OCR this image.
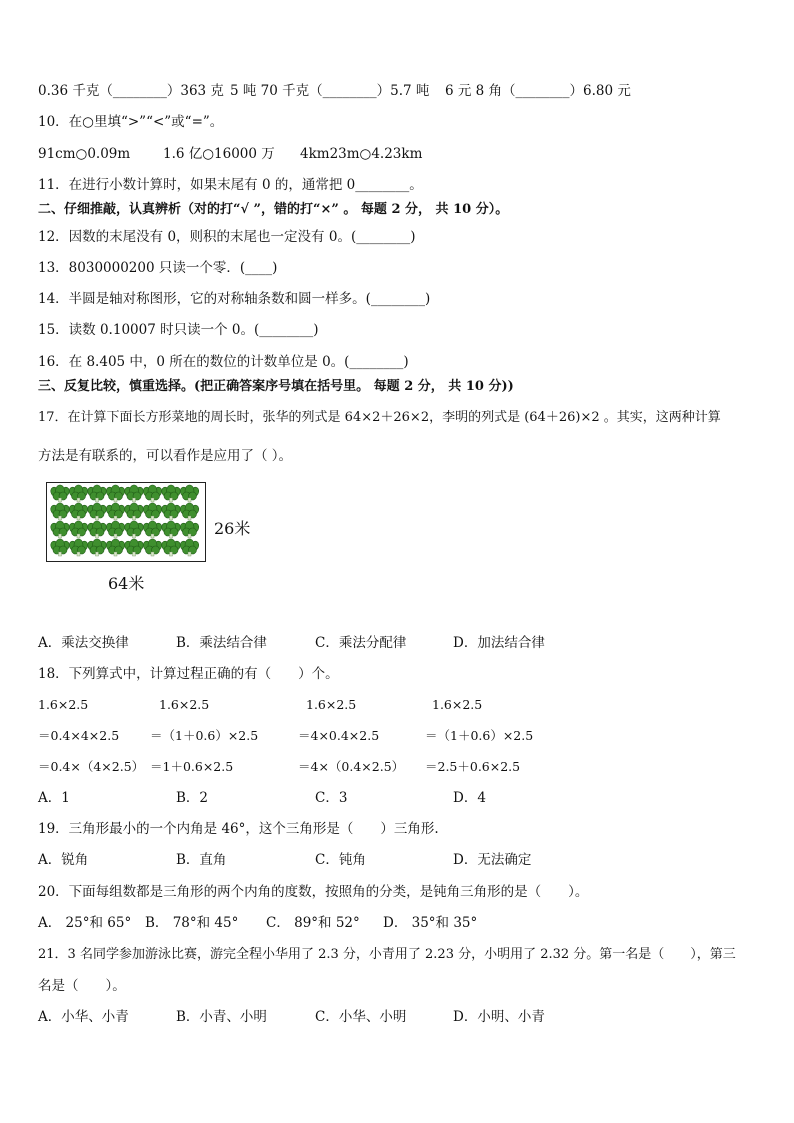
0.36 千克（________）363 克 5 吨 70 千克（________）5.7 吨 6 元 8 角（________）6.80 元
10．在○里填“>”“<”或“=”。
91cm○0.09m 1.6 亿○16000 万 4km23m○4.23km
11．在进行小数计算时，如果末尾有 0 的，通常把 0________。
二、仔细推敲，认真辨析（对的打“√ ”，错的打“×” 。 每题 2 分， 共 10 分）。
12．因数的末尾没有 0，则积的末尾也一定没有 0。(________)
13．8030000200 只读一个零．(____)
14．半圆是轴对称图形，它的对称轴条数和圆一样多。(________)
15．读数 0.10007 时只读一个 0。(________)
16．在 8.405 中，0 所在的数位的计数单位是 0。(________)
三、反复比较，慎重选择。(把正确答案序号填在括号里。 每题 2 分， 共 10 分))
17．在计算下面长方形菜地的周长时，张华的列式是 64×2＋26×2，李明的列式是 (64＋26)×2 。其实，这两种计算
方法是有联系的，可以看作是应用了（ ）。
26米
64米
A．乘法交换律	B．乘法结合律	C．乘法分配律	D．加法结合律
18．下列算式中，计算过程正确的有（　　）个。
1.6×2.5	1.6×2.5	1.6×2.5	1.6×2.5
＝0.4×4×2.5 ＝（1＋0.6）×2.5	＝4×0.4×2.5	＝（1＋0.6）×2.5
＝0.4×（4×2.5） ＝1＋0.6×2.5	＝4×（0.4×2.5） ＝2.5＋0.6×2.5
A．1	B．2	C．3	D．4
19．三角形最小的一个内角是 46°，这个三角形是（　　）三角形.
A．锐角	B．直角	C．钝角	D．无法确定
20．下面每组数都是三角形的两个内角的度数，按照角的分类，是钝角三角形的是（　　）。
A． 25°和 65° B． 78°和 45° C． 89°和 52° D． 35°和 35°
21．3 名同学参加游泳比赛，游完全程小华用了 2.3 分，小青用了 2.23 分，小明用了 2.32 分。第一名是（　　），第三
名是（　　）。
A．小华、小青	B．小青、小明	C．小华、小明	D．小明、小青
